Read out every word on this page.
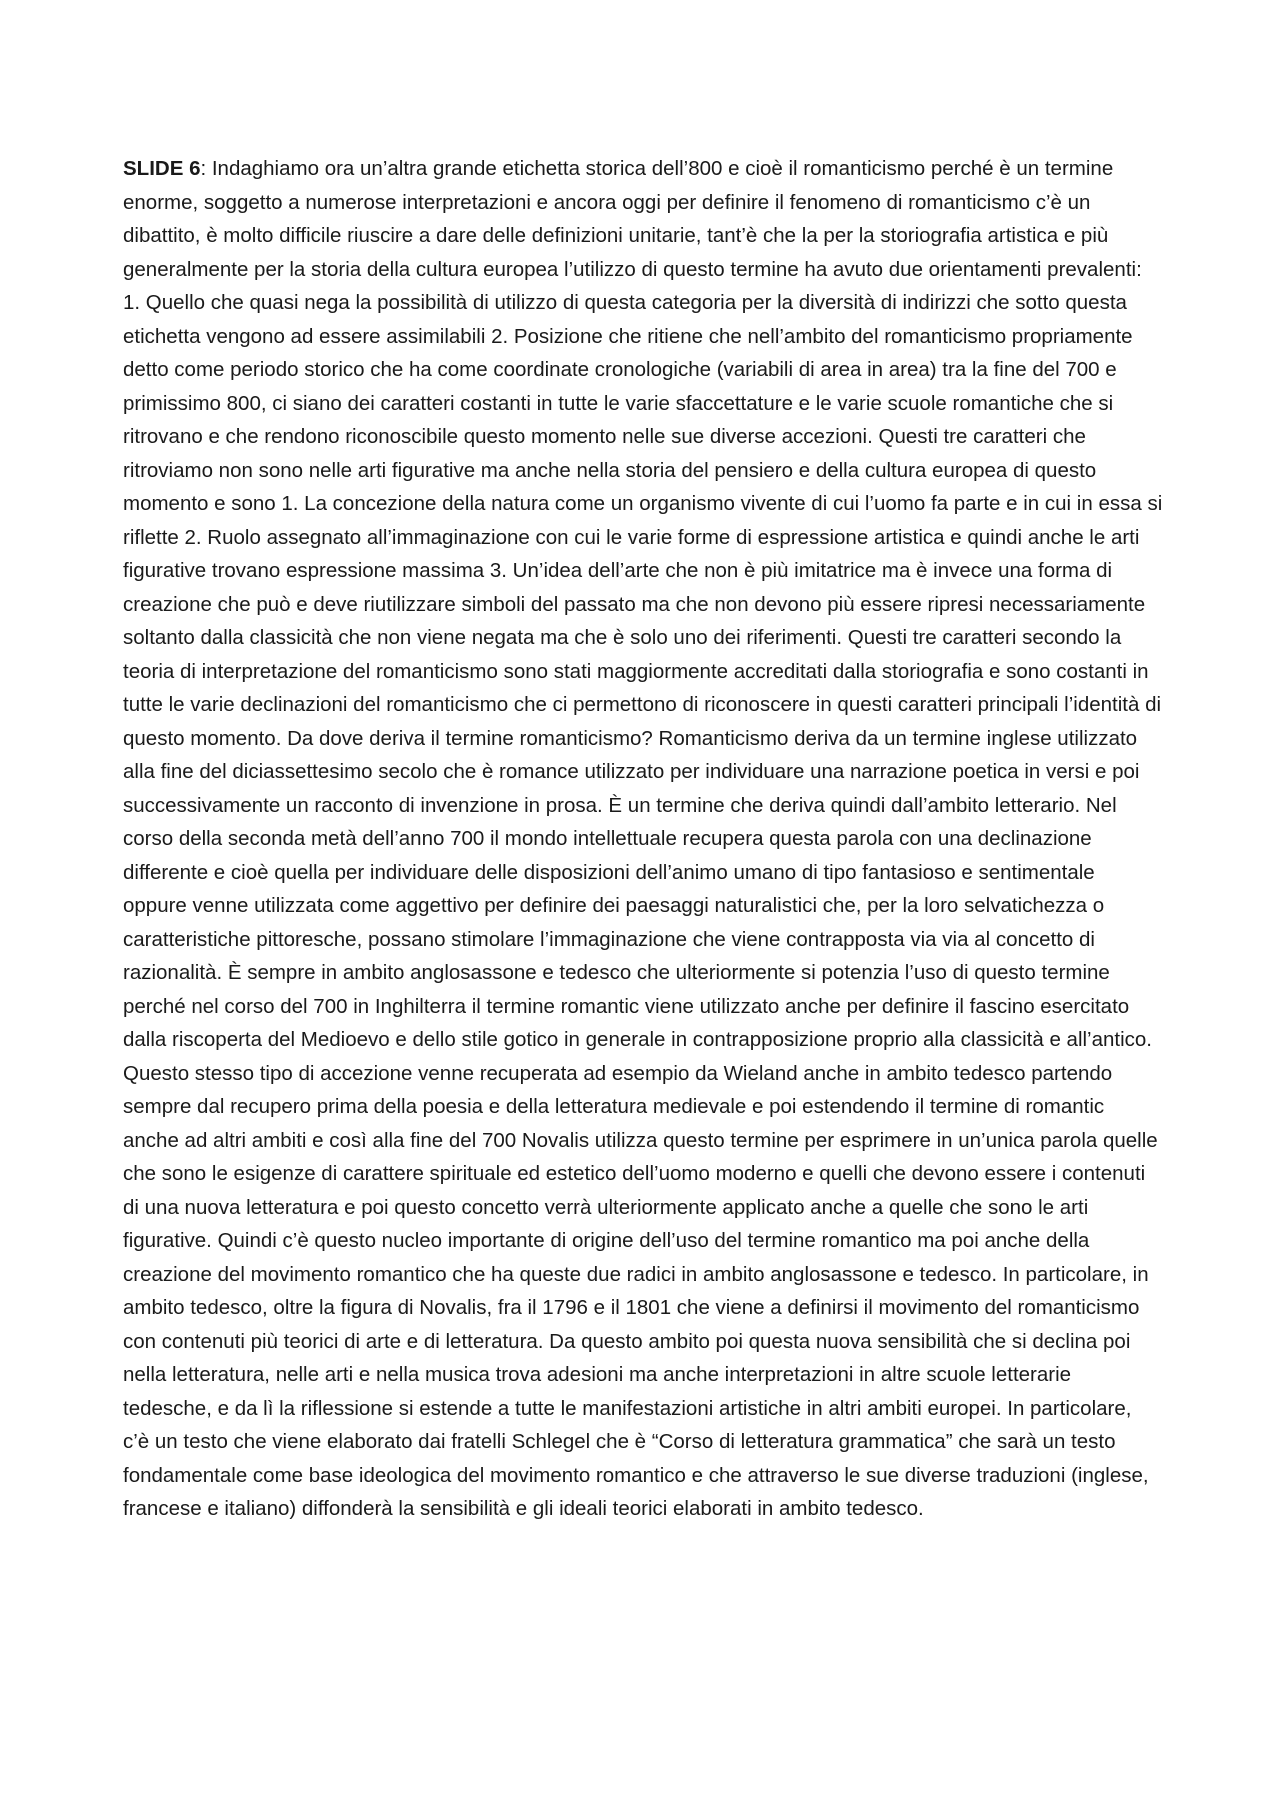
SLIDE 6: Indaghiamo ora un’altra grande etichetta storica dell’800 e cioè il romanticismo perché è un termine enorme, soggetto a numerose interpretazioni e ancora oggi per definire il fenomeno di romanticismo c’è un dibattito, è molto difficile riuscire a dare delle definizioni unitarie, tant’è che la per la storiografia artistica e più generalmente per la storia della cultura europea l’utilizzo di questo termine ha avuto due orientamenti prevalenti: 1. Quello che quasi nega la possibilità di utilizzo di questa categoria per la diversità di indirizzi che sotto questa etichetta vengono ad essere assimilabili 2. Posizione che ritiene che nell’ambito del romanticismo propriamente detto come periodo storico che ha come coordinate cronologiche (variabili di area in area) tra la fine del 700 e primissimo 800, ci siano dei caratteri costanti in tutte le varie sfaccettature e le varie scuole romantiche che si ritrovano e che rendono riconoscibile questo momento nelle sue diverse accezioni. Questi tre caratteri che ritroviamo non sono nelle arti figurative ma anche nella storia del pensiero e della cultura europea di questo momento e sono 1. La concezione della natura come un organismo vivente di cui l’uomo fa parte e in cui in essa si riflette 2. Ruolo assegnato all’immaginazione con cui le varie forme di espressione artistica e quindi anche le arti figurative trovano espressione massima 3. Un’idea dell’arte che non è più imitatrice ma è invece una forma di creazione che può e deve riutilizzare simboli del passato ma che non devono più essere ripresi necessariamente soltanto dalla classicità che non viene negata ma che è solo uno dei riferimenti. Questi tre caratteri secondo la teoria di interpretazione del romanticismo sono stati maggiormente accreditati dalla storiografia e sono costanti in tutte le varie declinazioni del romanticismo che ci permettono di riconoscere in questi caratteri principali l’identità di questo momento. Da dove deriva il termine romanticismo? Romanticismo deriva da un termine inglese utilizzato alla fine del diciassettesimo secolo che è romance utilizzato per individuare una narrazione poetica in versi e poi successivamente un racconto di invenzione in prosa. È un termine che deriva quindi dall’ambito letterario. Nel corso della seconda metà dell’anno 700 il mondo intellettuale recupera questa parola con una declinazione differente e cioè quella per individuare delle disposizioni dell’animo umano di tipo fantasioso e sentimentale oppure venne utilizzata come aggettivo per definire dei paesaggi naturalistici che, per la loro selvatichezza o caratteristiche pittoresche, possano stimolare l’immaginazione che viene contrapposta via via al concetto di razionalità. È sempre in ambito anglosassone e tedesco che ulteriormente si potenzia l’uso di questo termine perché nel corso del 700 in Inghilterra il termine romantic viene utilizzato anche per definire il fascino esercitato dalla riscoperta del Medioevo e dello stile gotico in generale in contrapposizione proprio alla classicità e all’antico. Questo stesso tipo di accezione venne recuperata ad esempio da Wieland anche in ambito tedesco partendo sempre dal recupero prima della poesia e della letteratura medievale e poi estendendo il termine di romantic anche ad altri ambiti e così alla fine del 700 Novalis utilizza questo termine per esprimere in un’unica parola quelle che sono le esigenze di carattere spirituale ed estetico dell’uomo moderno e quelli che devono essere i contenuti di una nuova letteratura e poi questo concetto verrà ulteriormente applicato anche a quelle che sono le arti figurative. Quindi c’è questo nucleo importante di origine dell’uso del termine romantico ma poi anche della creazione del movimento romantico che ha queste due radici in ambito anglosassone e tedesco. In particolare, in ambito tedesco, oltre la figura di Novalis, fra il 1796 e il 1801 che viene a definirsi il movimento del romanticismo con contenuti più teorici di arte e di letteratura. Da questo ambito poi questa nuova sensibilità che si declina poi nella letteratura, nelle arti e nella musica trova adesioni ma anche interpretazioni in altre scuole letterarie tedesche, e da lì la riflessione si estende a tutte le manifestazioni artistiche in altri ambiti europei. In particolare, c’è un testo che viene elaborato dai fratelli Schlegel che è “Corso di letteratura grammatica” che sarà un testo fondamentale come base ideologica del movimento romantico e che attraverso le sue diverse traduzioni (inglese, francese e italiano) diffonderà la sensibilità e gli ideali teorici elaborati in ambito tedesco.
